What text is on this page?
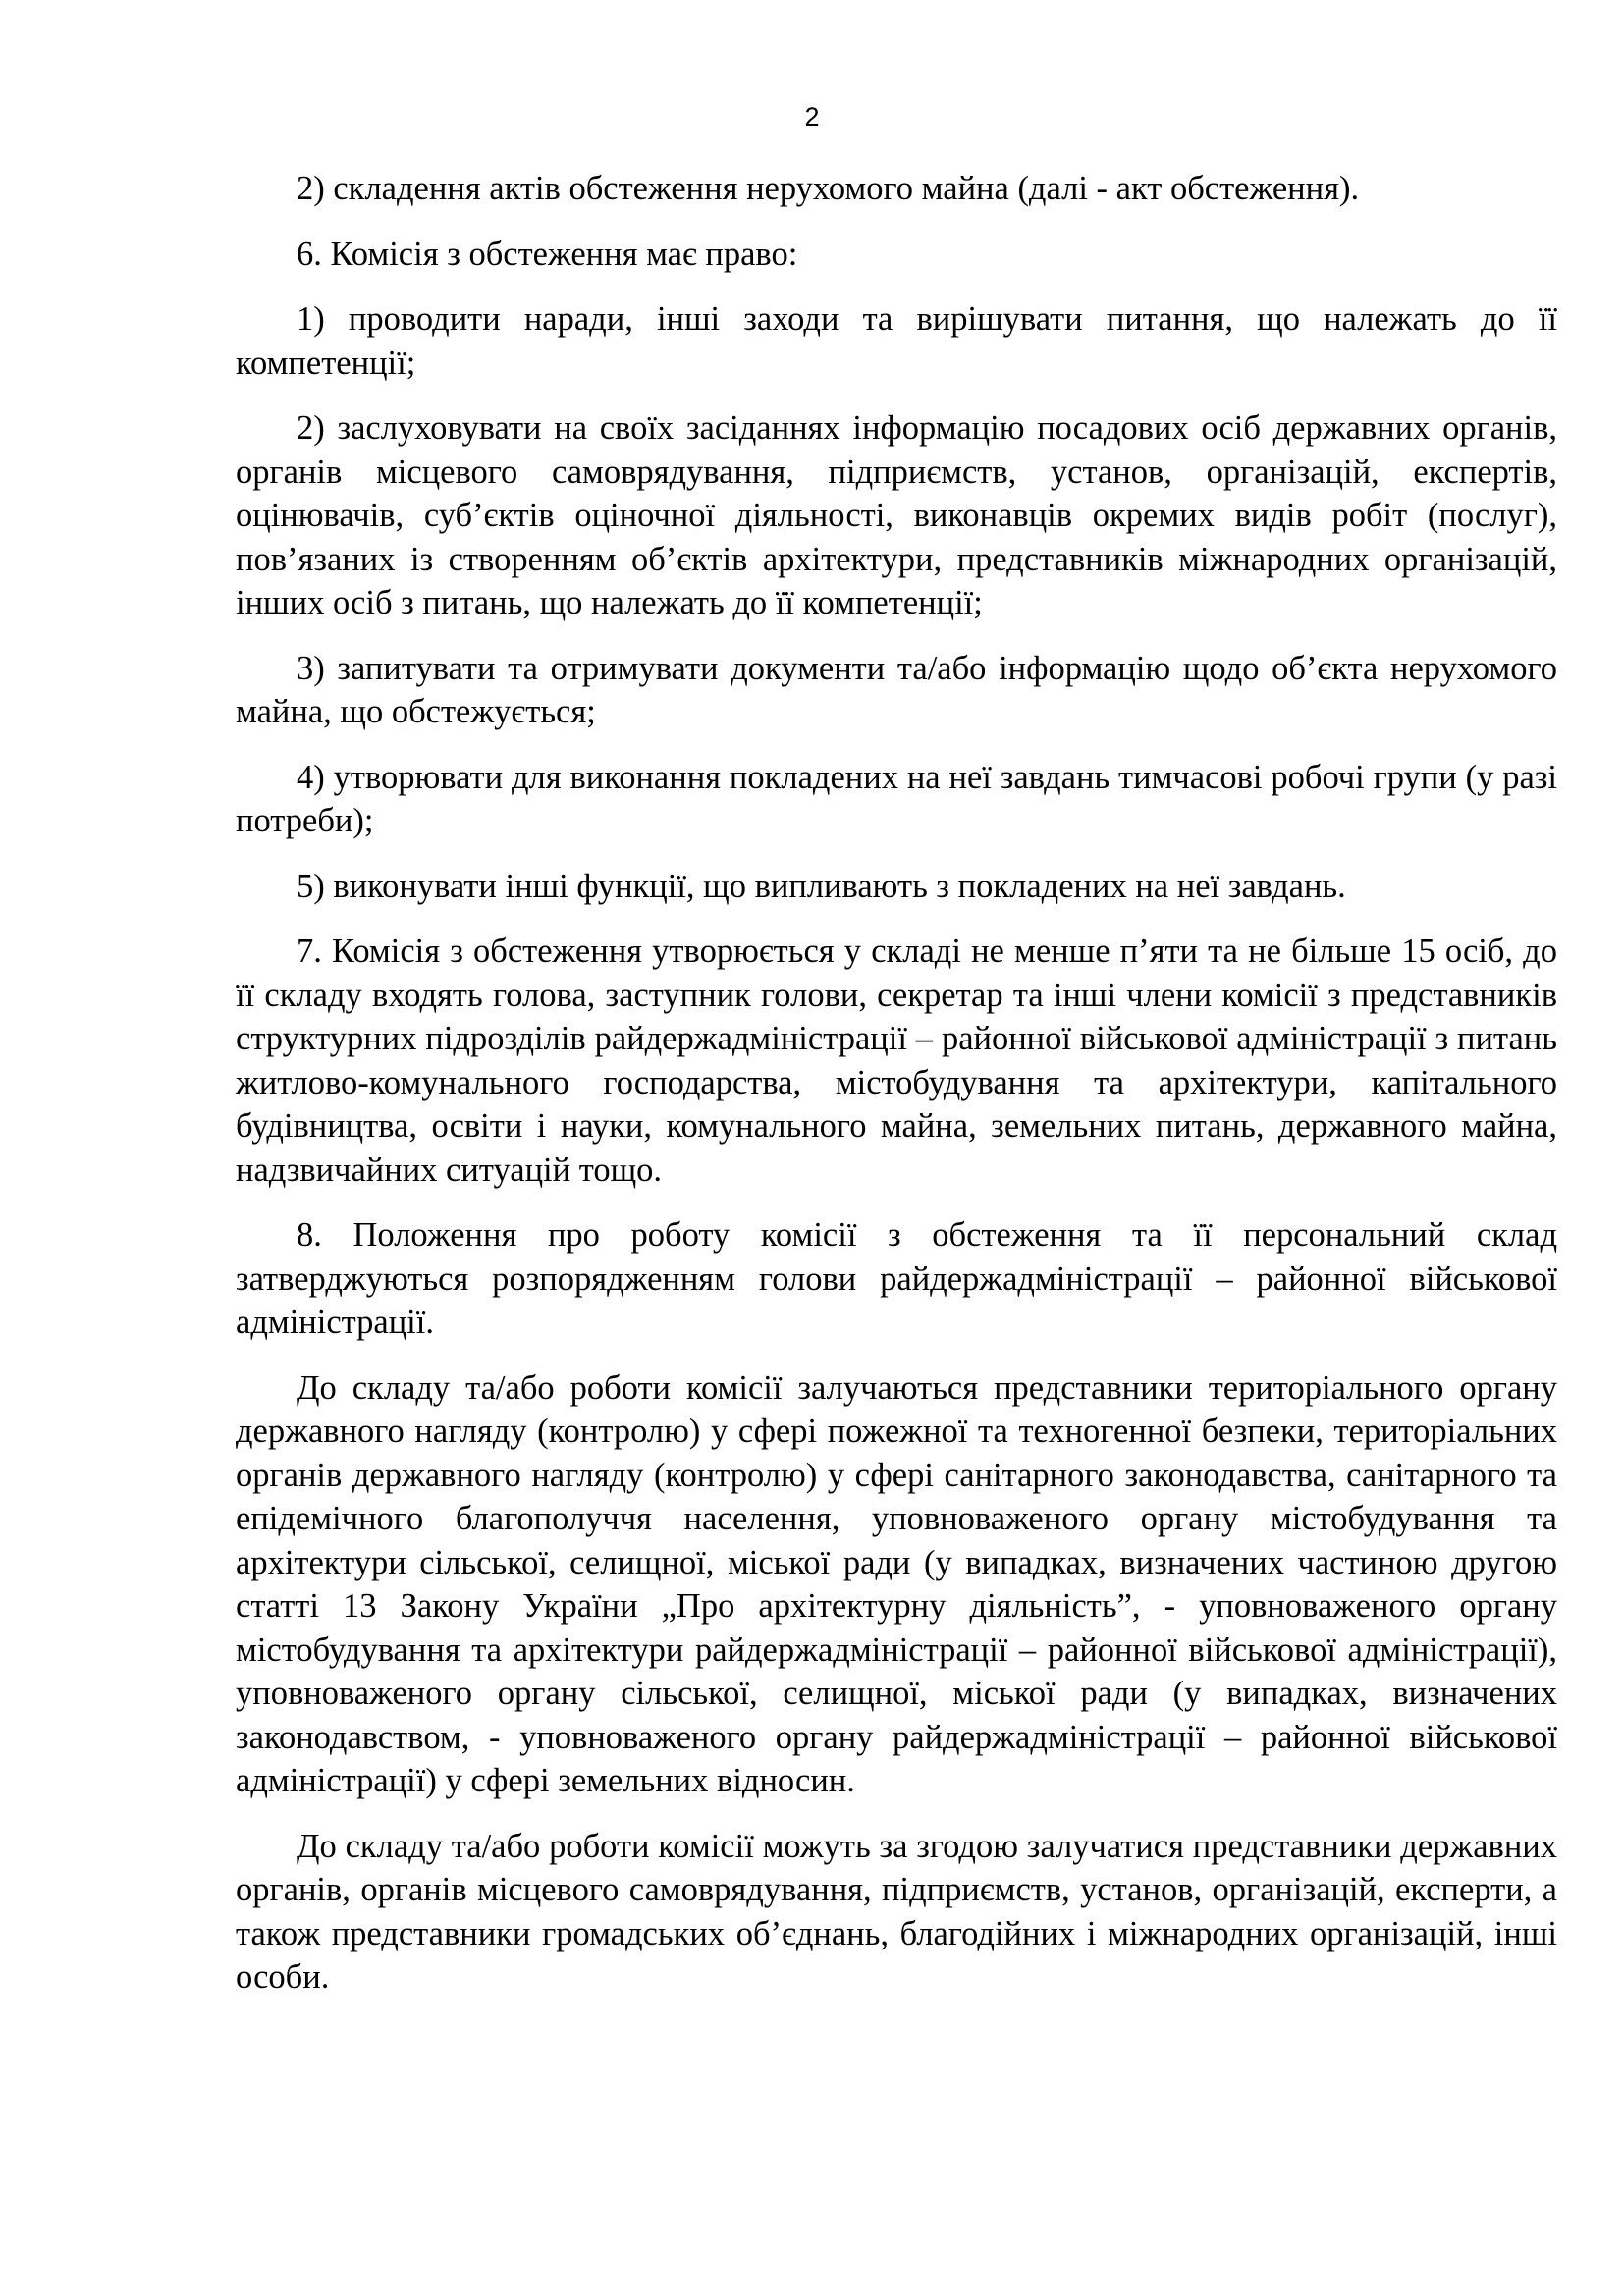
2

2) складення актів обстеження нерухомого майна (далі - акт обстеження).

6. Комісія з обстеження має право:

1) проводити наради, інші заходи та вирішувати питання, що належать до її компетенції;

2) заслуховувати на своїх засіданнях інформацію посадових осіб державних органів, органів місцевого самоврядування, підприємств, установ, організацій, експертів, оцінювачів, суб’єктів оціночної діяльності, виконавців окремих видів робіт (послуг), пов’язаних із створенням об’єктів архітектури, представників міжнародних організацій, інших осіб з питань, що належать до її компетенції;

3) запитувати та отримувати документи та/або інформацію щодо об’єкта нерухомого майна, що обстежується;

4) утворювати для виконання покладених на неї завдань тимчасові робочі групи (у разі потреби);

5) виконувати інші функції, що випливають з покладених на неї завдань.

7. Комісія з обстеження утворюється у складі не менше п’яти та не більше 15 осіб, до її складу входять голова, заступник голови, секретар та інші члени комісії з представників структурних підрозділів райдержадміністрації – районної військової адміністрації з питань житлово-комунального господарства, містобудування та архітектури, капітального будівництва, освіти і науки, комунального майна, земельних питань, державного майна, надзвичайних ситуацій тощо.

8. Положення про роботу комісії з обстеження та її персональний склад затверджуються розпорядженням голови райдержадміністрації – районної військової адміністрації.

До складу та/або роботи комісії залучаються представники територіального органу державного нагляду (контролю) у сфері пожежної та техногенної безпеки, територіальних органів державного нагляду (контролю) у сфері санітарного законодавства, санітарного та епідемічного благополуччя населення, уповноваженого органу містобудування та архітектури сільської, селищної, міської ради (у випадках, визначених частиною другою статті 13 Закону України „Про архітектурну діяльність”, - уповноваженого органу містобудування та архітектури райдержадміністрації – районної військової адміністрації), уповноваженого органу сільської, селищної, міської ради (у випадках, визначених законодавством, - уповноваженого органу райдержадміністрації – районної військової адміністрації) у сфері земельних відносин.

До складу та/або роботи комісії можуть за згодою залучатися представники державних органів, органів місцевого самоврядування, підприємств, установ, організацій, експерти, а також представники громадських об’єднань, благодійних і міжнародних організацій, інші особи.
